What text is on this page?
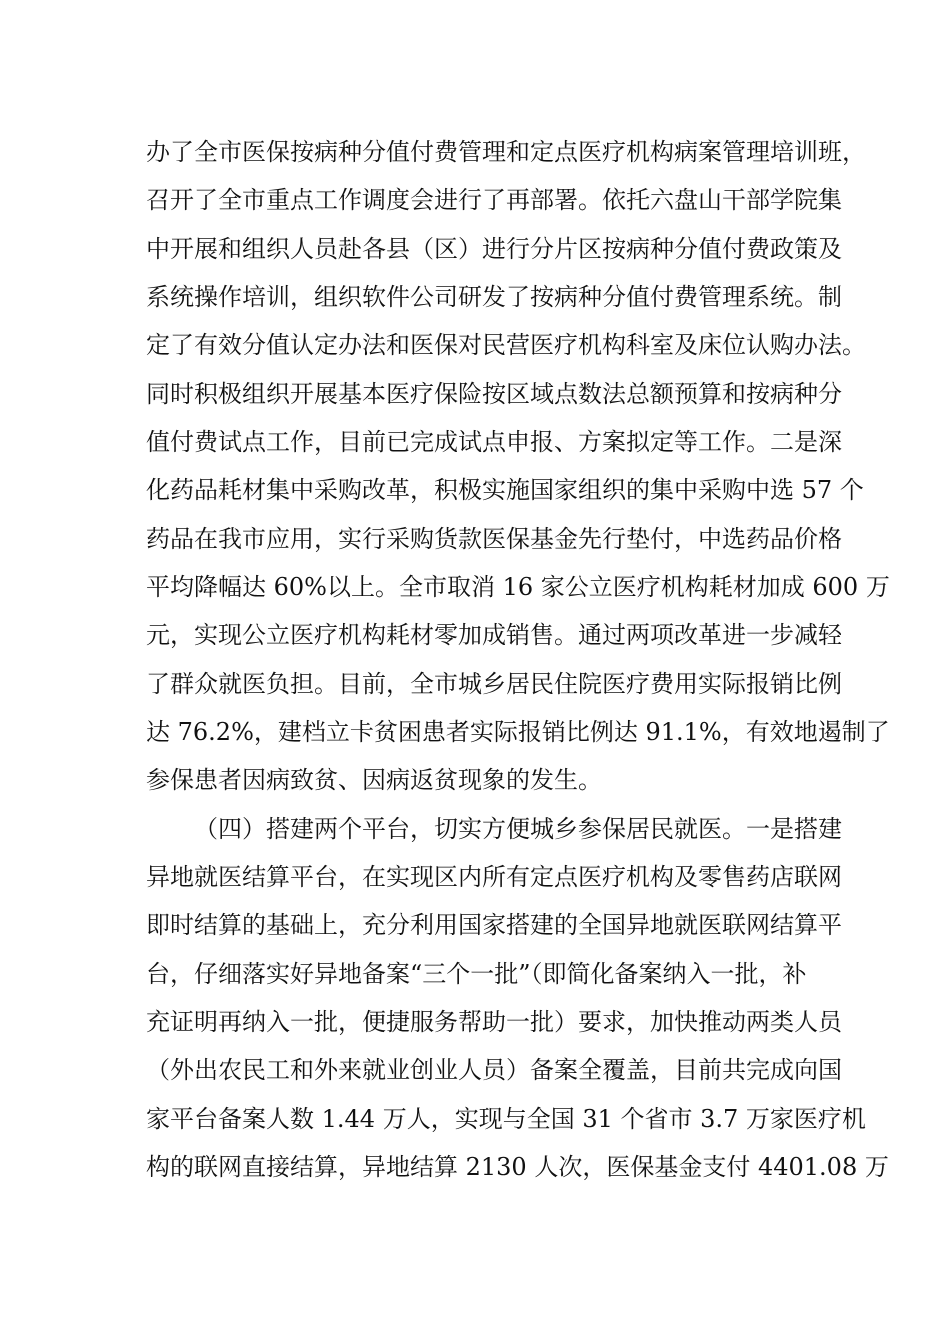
办了全市医保按病种分值付费管理和定点医疗机构病案管理培训班，
召开了全市重点工作调度会进行了再部署。依托六盘山干部学院集
中开展和组织人员赴各县（区）进行分片区按病种分值付费政策及
系统操作培训，组织软件公司研发了按病种分值付费管理系统。制
定了有效分值认定办法和医保对民营医疗机构科室及床位认购办法。
同时积极组织开展基本医疗保险按区域点数法总额预算和按病种分
值付费试点工作，目前已完成试点申报、方案拟定等工作。二是深
化药品耗材集中采购改革，积极实施国家组织的集中采购中选 57 个
药品在我市应用，实行采购货款医保基金先行垫付，中选药品价格
平均降幅达 60%以上。全市取消 16 家公立医疗机构耗材加成 600 万
元，实现公立医疗机构耗材零加成销售。通过两项改革进一步减轻
了群众就医负担。目前，全市城乡居民住院医疗费用实际报销比例
达 76.2%，建档立卡贫困患者实际报销比例达 91.1%，有效地遏制了
参保患者因病致贫、因病返贫现象的发生。
（四）搭建两个平台，切实方便城乡参保居民就医。一是搭建
异地就医结算平台，在实现区内所有定点医疗机构及零售药店联网
即时结算的基础上，充分利用国家搭建的全国异地就医联网结算平
台，仔细落实好异地备案“三个一批”（即简化备案纳入一批，补
充证明再纳入一批，便捷服务帮助一批）要求，加快推动两类人员
（外出农民工和外来就业创业人员）备案全覆盖，目前共完成向国
家平台备案人数 1.44 万人，实现与全国 31 个省市 3.7 万家医疗机
构的联网直接结算，异地结算 2130 人次，医保基金支付 4401.08 万
